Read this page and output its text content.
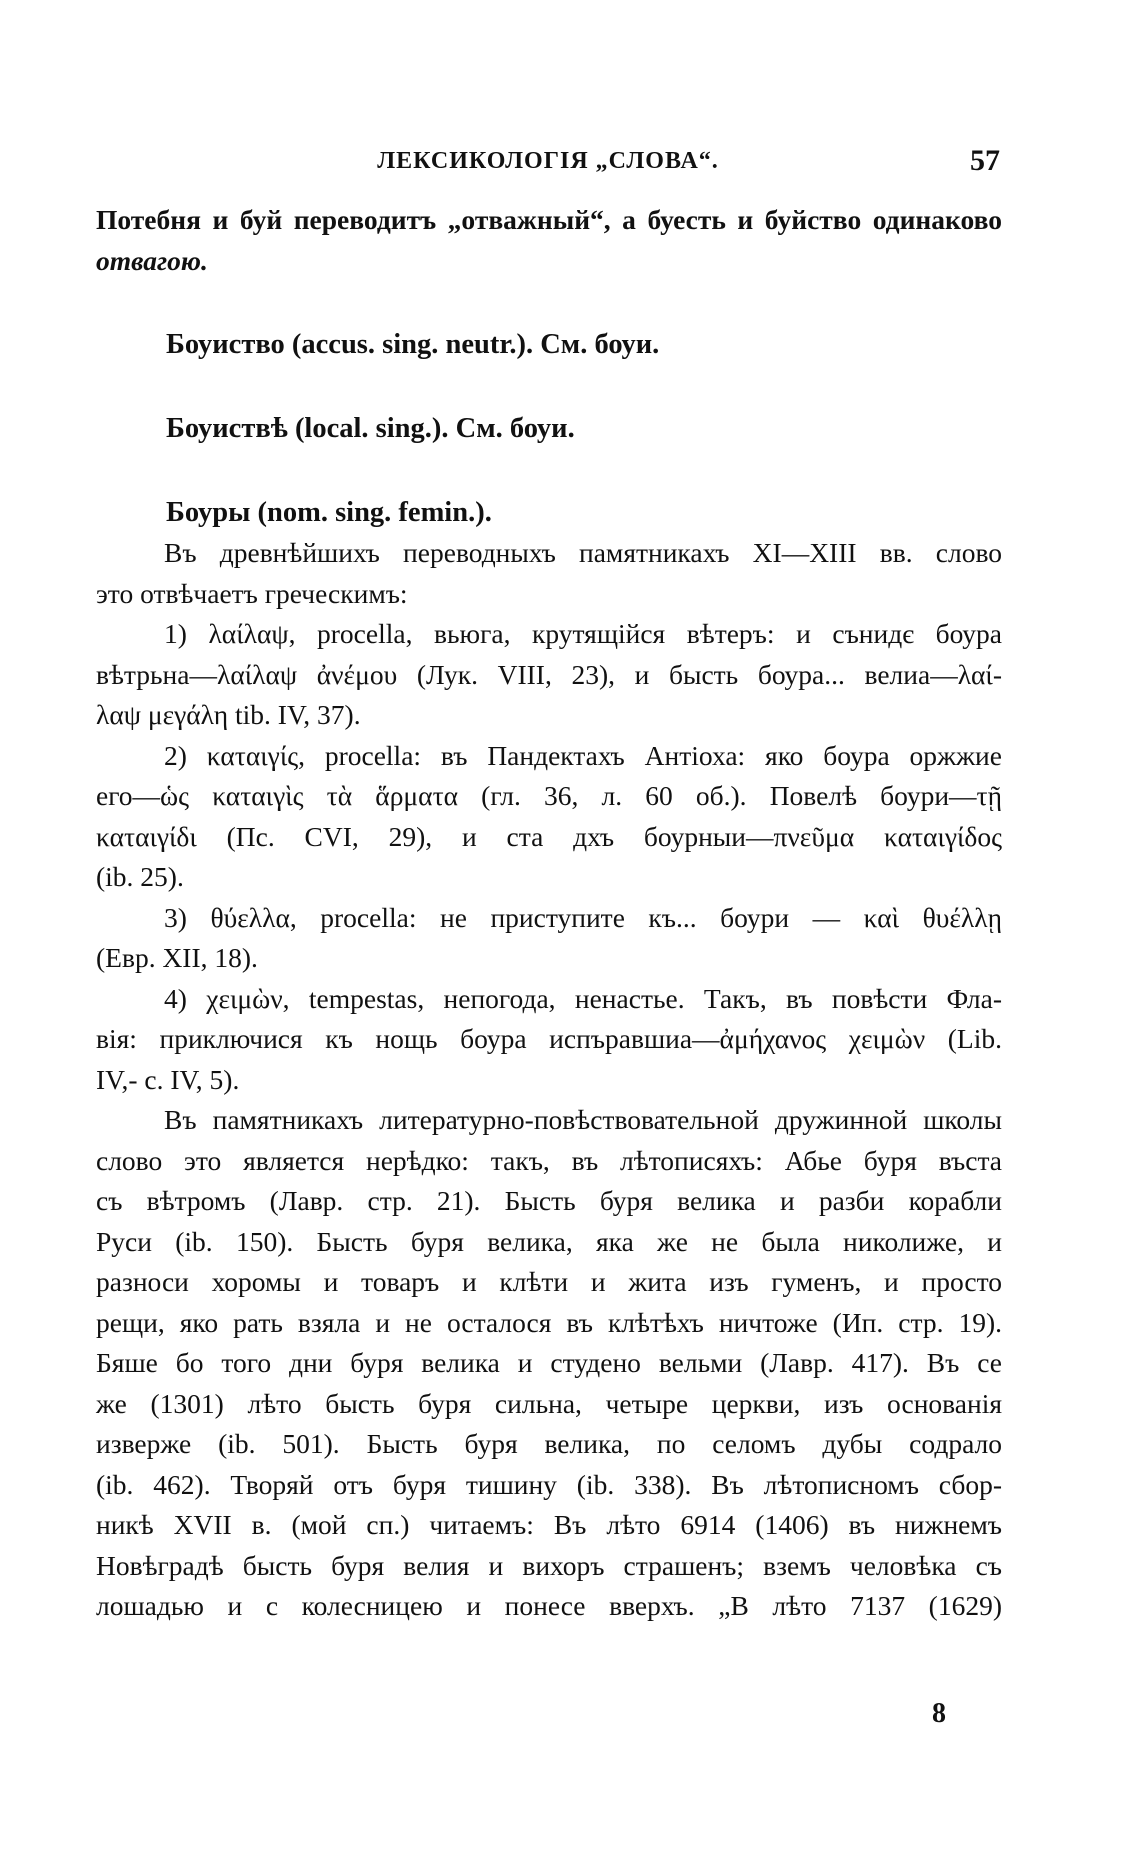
ЛЕКСИКОЛОГІЯ „СЛОВА“.	57

Потебня и буй переводитъ „отважный“, а буесть и буйство одинаково

отвагою.

Боуиство (accus. sing. neutr.). См. боуи.

Боуиствѣ (local. sing.). См. боуи.

Боуры (nom. sing. femin.).

Въ древнѣйшихъ переводныхъ памятникахъ XI—XIII вв. слово

это отвѣчаетъ греческимъ:

1) λαίλαψ, procella, вьюга, крутящійся вѣтеръ: и сънидє боура

вѣтрьна—λαίλαψ ἀνέμου (Лук. VIII, 23), и бысть боура... велиа—λαί-

λαψ μεγάλη tib. IV, 37).

2) καταιγίς, procella: въ Пандектахъ Антіоха: яко боура оржжие

его—ὡς καταιγὶς τὰ ἅρματα (гл. 36, л. 60 об.). Повелѣ боури—τῇ

καταιγίδι (Пс. CVI, 29), и ста дхъ боурныи—πνεῦμα καταιγίδος

(ib. 25).

3) θύελλα, procella: не приступите къ... боури — καὶ θυέλλῃ

(Евр. XII, 18).

4) χειμὼν, tempestas, непогода, ненастье. Такъ, въ повѣсти Фла-

вія: приключися къ нощь боура испъравшиа—ἀμήχανος χειμὼν (Lib.

IV,- с. IV, 5).

Въ памятникахъ литературно-повѣствовательной дружинной школы

слово это является нерѣдко: такъ, въ лѣтописяхъ: Абье буря въста

съ вѣтромъ (Лавр. стр. 21). Бысть буря велика и разби корабли

Руси (ib. 150). Бысть буря велика, яка же не была николиже, и

разноси хоромы и товаръ и клѣти и жита изъ гуменъ, и просто

рещи, яко рать взяла и не осталося въ клѣтѣхъ ничтоже (Ип. стр. 19).

Бяше бо того дни буря велика и студено вельми (Лавр. 417). Въ се

же (1301) лѣто бысть буря сильна, четыре церкви, изъ основанія

изверже (ib. 501). Бысть буря велика, по селомъ дубы содрало

(ib. 462). Творяй отъ буря тишину (ib. 338). Въ лѣтописномъ сбор-

никѣ XVII в. (мой сп.) читаемъ: Въ лѣто 6914 (1406) въ нижнемъ

Новѣградѣ бысть буря велия и вихоръ страшенъ; вземъ человѣка съ

лошадью и с колесницею и понесе вверхъ. „В лѣто 7137 (1629)

8
